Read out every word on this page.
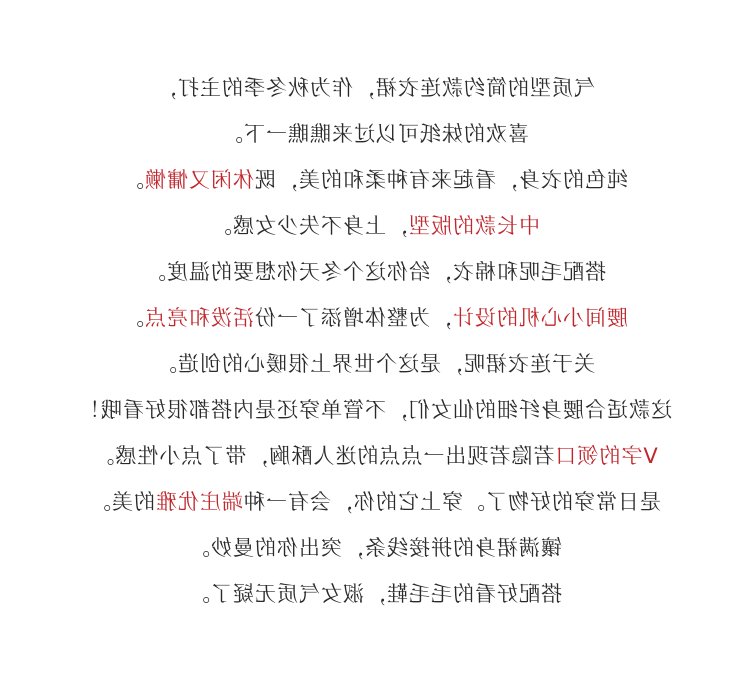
气质型的简约款连衣裙，作为秋冬季的主打，
喜欢的妹纸可以过来瞧瞧一下。
纯色的衣身，看起来有种柔和的美，既休闲又慵懒。
中长款的版型，上身不失少女感。
搭配毛呢和棉衣，给你这个冬天你想要的温度。
腰间小心机的设计，为整体增添了一份活泼和亮点。
关于连衣裙呢，是这个世界上很暖心的创造。
这款适合腰身纤细的仙女们，不管单穿还是内搭都很好看哦！
V字的领口若隐若现出一点点的迷人酥胸，带了点小性感。
是日常穿的好物了。穿上它的你，会有一种端庄优雅的美。
镶满裙身的拼接线条，突出你的曼妙。
搭配好看的毛毛鞋，淑女气质无疑了。
